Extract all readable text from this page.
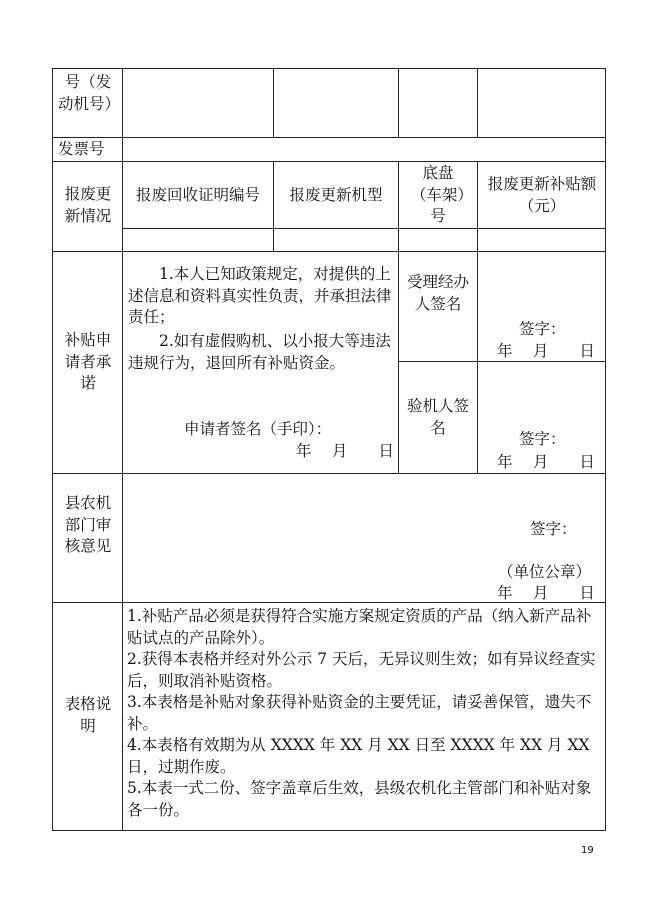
号（发动机号）
发票号
报废更新情况
报废回收证明编号	报废更新机型
底盘（车架）号
报废更新补贴额（元）
补贴申请者承诺
1.本人已知政策规定，对提供的上述信息和资料真实性负责，并承担法律责任；
2.如有虚假购机、以小报大等违法违规行为，退回所有补贴资金。
申请者签名（手印）：
年　 月　　日
受理经办人签名
签字：
年　 月　　日
验机人签名
签字：
年　 月　　日
县农机部门审核意见
签字：
（单位公章）
年　 月　　日
表格说明

1.补贴产品必须是获得符合实施方案规定资质的产品（纳入新产品补贴试点的产品除外）。

2.获得本表格并经对外公示 7 天后，无异议则生效；如有异议经查实后，则取消补贴资格。

3.本表格是补贴对象获得补贴资金的主要凭证，请妥善保管，遗失不补。

4.本表格有效期为从 XXXX 年 XX 月 XX 日至 XXXX 年 XX 月 XX 日，过期作废。

5.本表一式二份、签字盖章后生效，县级农机化主管部门和补贴对象各一份。

19
